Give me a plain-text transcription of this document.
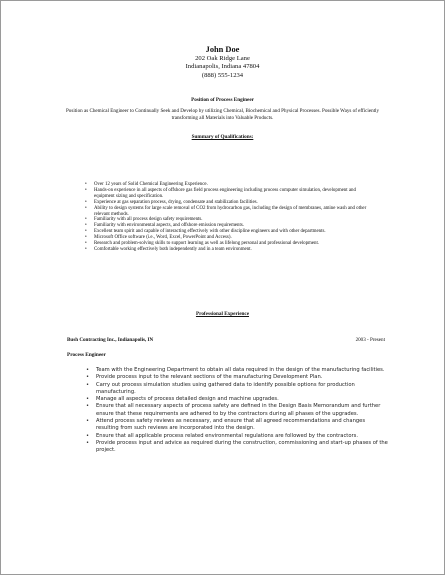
John Doe
202 Oak Ridge Lane
Indianapolis, Indiana 47804
(888) 555-1234
Position of Process Engineer
Position as Chemical Engineer to Continually Seek and Develop by utilizing Chemical, Biochemical and Physical Processes. Possible Ways of efficiently transforming all Materials into Valuable Products.
Summary of Qualifications:
• Over 12 years of Solid Chemical Engineering Experience.
• Hands-on experience in all aspects of offshore gas field process engineering including process computer simulation, development and equipment sizing and specification.
• Experience at gas separation process, drying, condensate and stabilization facilities.
• Ability to design systems for large scale removal of CO2 from hydrocarbon gas, including the design of membranes, amine wash and other relevant methods.
• Familiarity with all process design safety requirements.
• Familiarity with environmental aspects, and offshore emission requirements.
• Excellent team spirit and capable of interacting effectively with other discipline engineers and with other departments.
• Microsoft Office software (i.e., Word, Excel, PowerPoint and Access).
• Research and problem-solving skills to support learning as well as lifelong personal and professional development.
• Comfortable working effectively both independently and in a team environment.
Professional Experience
Bush Contracting Inc., Indianapolis, IN	2003 - Present
Process Engineer
• Team with the Engineering Department to obtain all data required in the design of the manufacturing facilities.
• Provide process input to the relevant sections of the manufacturing Development Plan.
• Carry out process simulation studies using gathered data to identify possible options for production manufacturing.
• Manage all aspects of process detailed design and machine upgrades.
• Ensure that all necessary aspects of process safety are defined in the Design Basis Memorandum and further ensure that these requirements are adhered to by the contractors during all phases of the upgrades.
• Attend process safety reviews as necessary, and ensure that all agreed recommendations and changes resulting from such reviews are incorporated into the design.
• Ensure that all applicable process related environmental regulations are followed by the contractors.
• Provide process input and advice as required during the construction, commissioning and start-up phases of the project.
